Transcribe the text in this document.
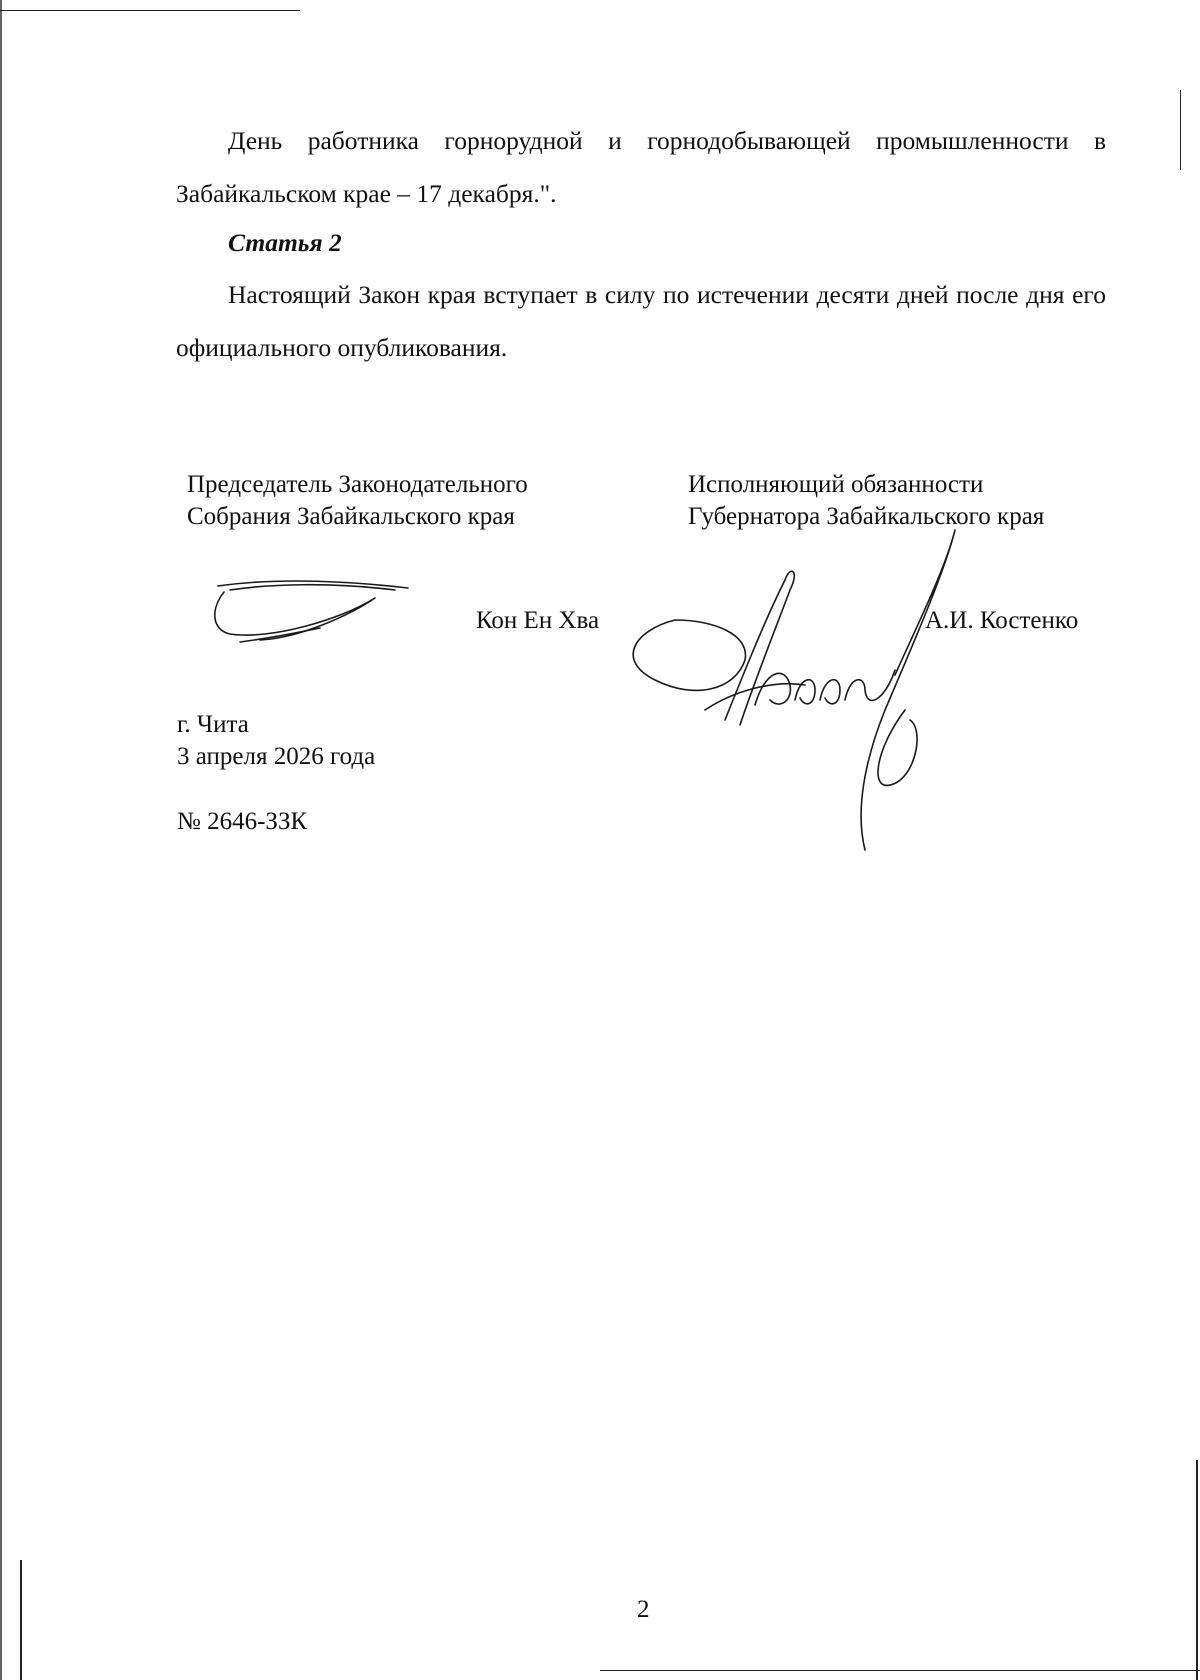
День работника горнорудной и горнодобывающей промышленности в Забайкальском крае – 17 декабря.".
Статья 2
Настоящий Закон края вступает в силу по истечении десяти дней после дня его официального опубликования.
Председатель Законодательного
Собрания Забайкальского края
Исполняющий обязанности
Губернатора Забайкальского края
Кон Ен Хва	А.И. Костенко
г. Чита
3 апреля 2026 года
№ 2646-ЗЗК
2
